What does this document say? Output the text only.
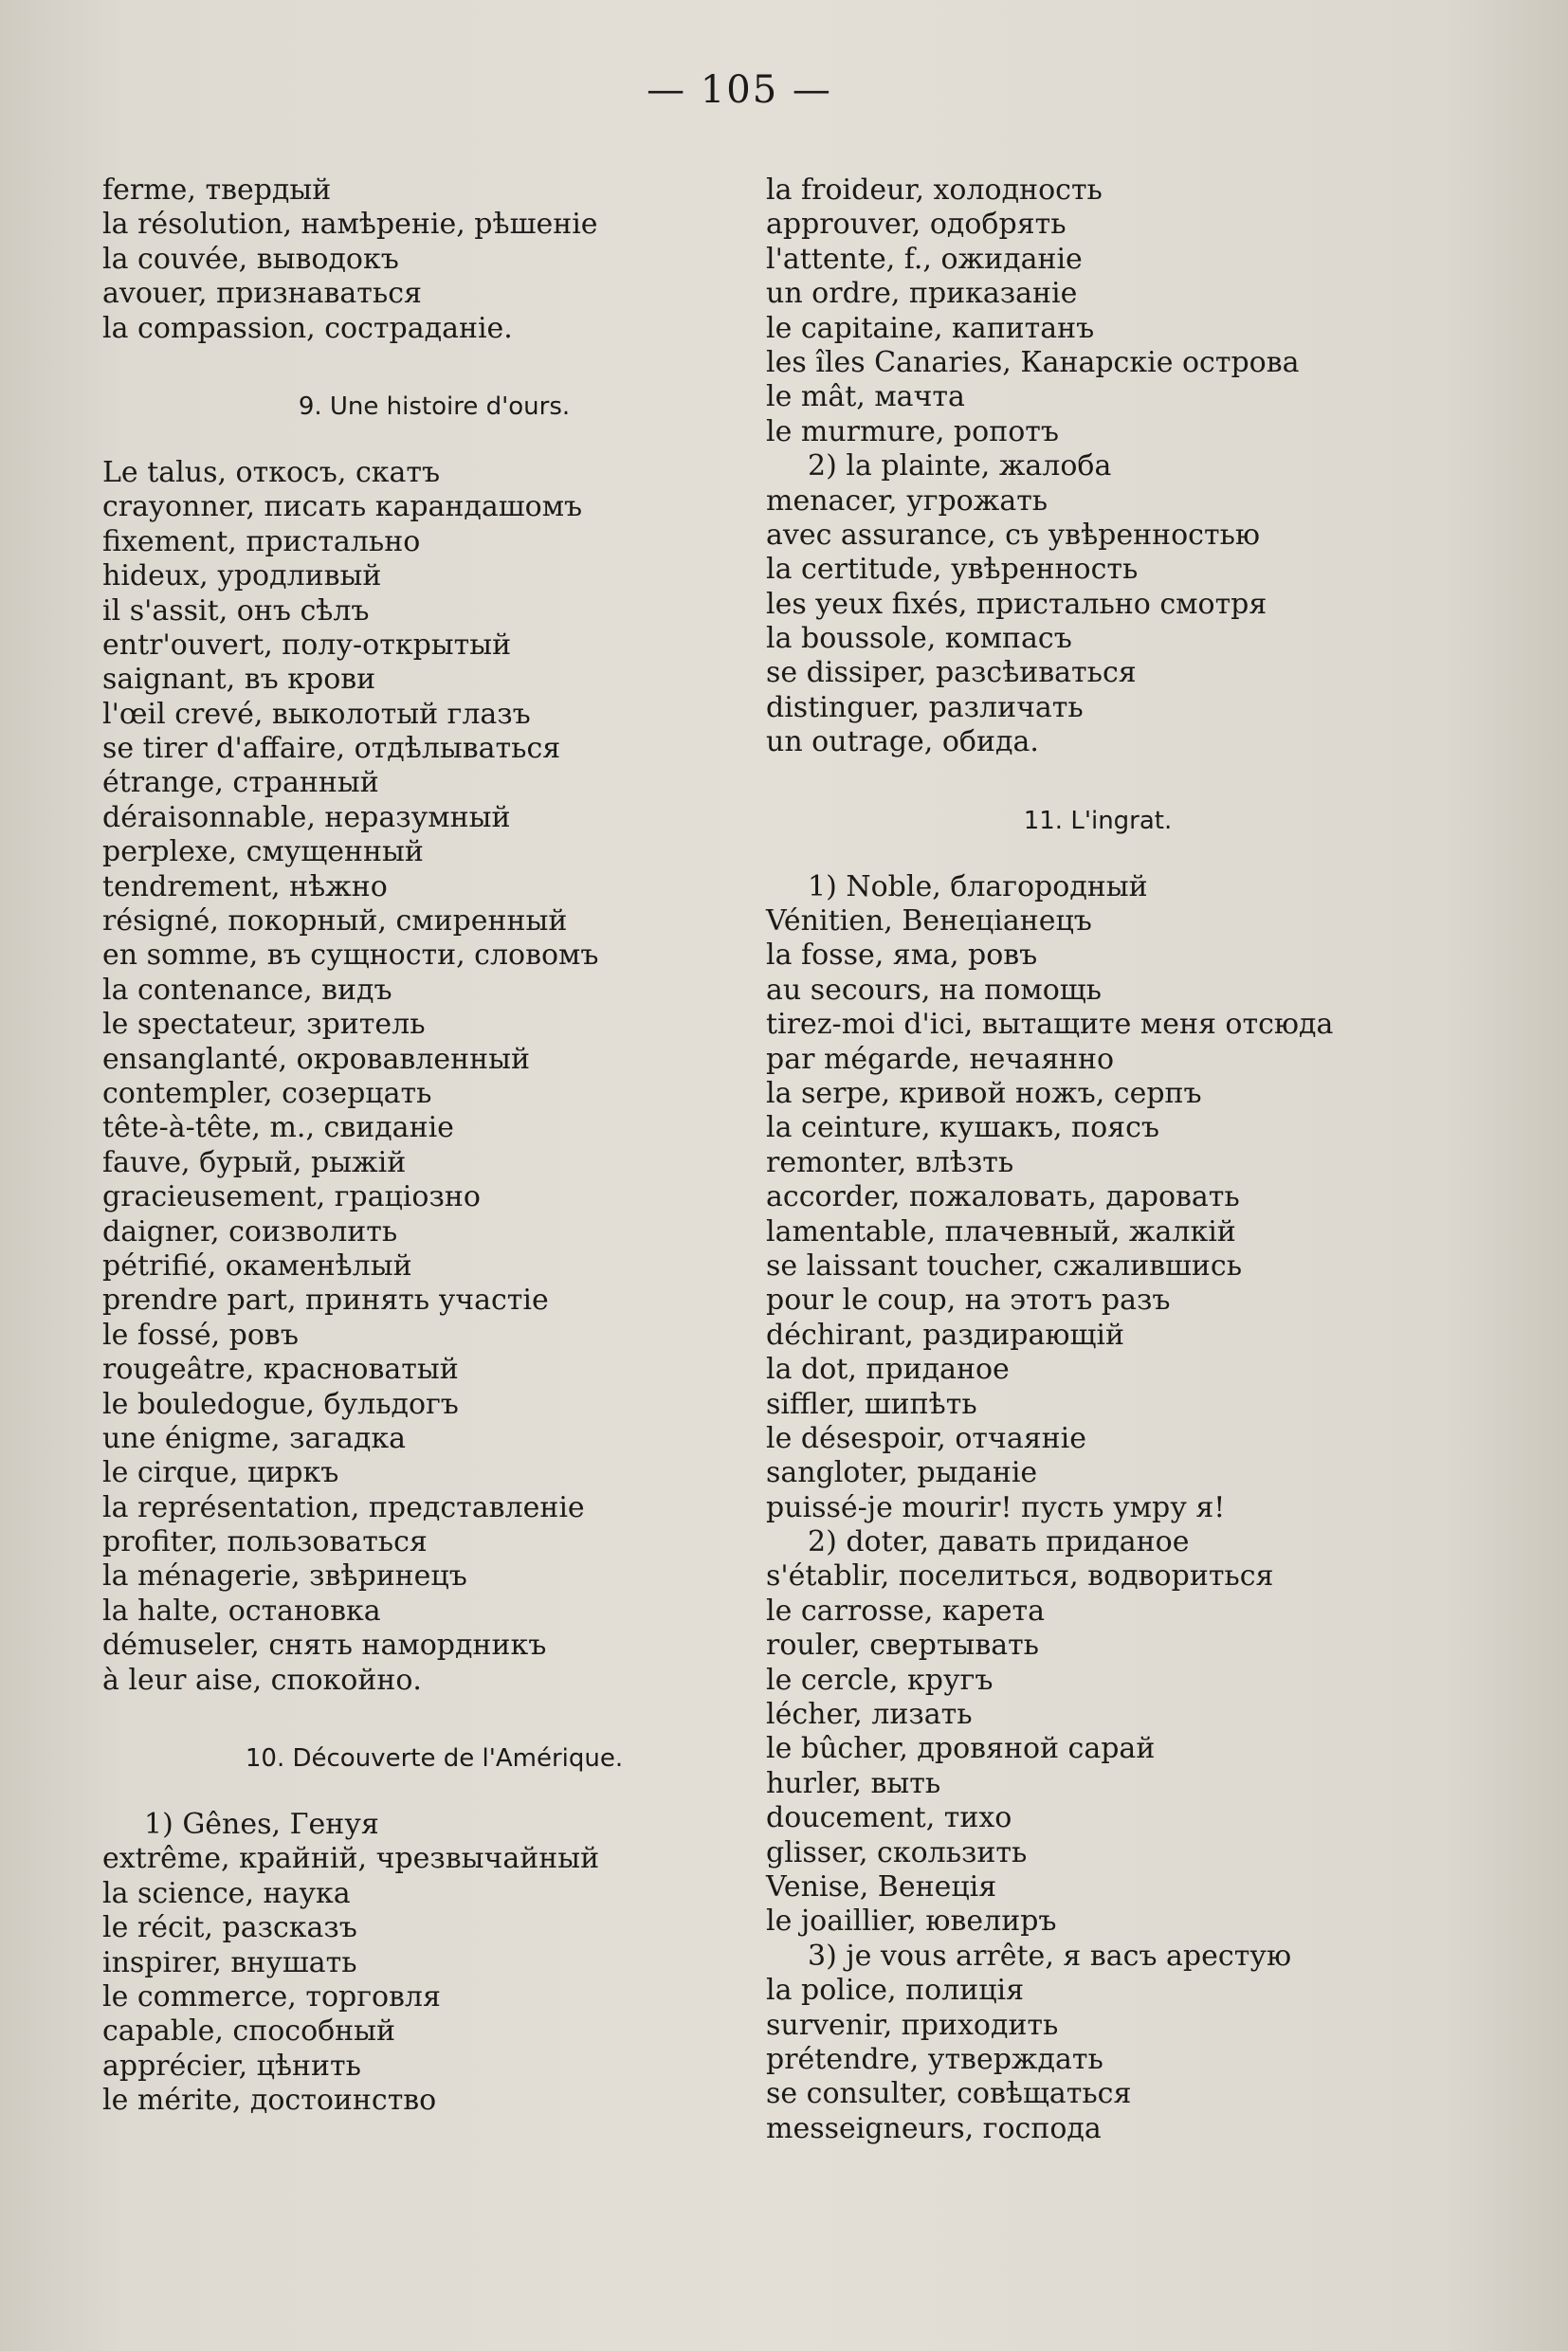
— 105 —
ferme, твердый
la résolution, намѣреніе, рѣшеніе
la couvée, выводокъ
avouer, признаваться
la compassion, состраданіе.
9. Une histoire d'ours.
Le talus, откосъ, скатъ
crayonner, писать карандашомъ
fixement, пристально
hideux, уродливый
il s'assit, онъ сѣлъ
entr'ouvert, полу-открытый
saignant, въ крови
l'œil crevé, выколотый глазъ
se tirer d'affaire, отдѣлываться
étrange, странный
déraisonnable, неразумный
perplexe, смущенный
tendrement, нѣжно
résigné, покорный, смиренный
en somme, въ сущности, словомъ
la contenance, видъ
le spectateur, зритель
ensanglanté, окровавленный
contempler, созерцать
tête-à-tête, m., свиданіе
fauve, бурый, рыжій
gracieusement, граціозно
daigner, соизволить
pétrifié, окаменѣлый
prendre part, принять участіе
le fossé, ровъ
rougeâtre, красноватый
le bouledogue, бульдогъ
une énigme, загадка
le cirque, циркъ
la représentation, представленіе
profiter, пользоваться
la ménagerie, звѣринецъ
la halte, остановка
démuseler, снять намордникъ
à leur aise, спокойно.
10. Découverte de l'Amérique.
1) Gênes, Генуя
extrême, крайній, чрезвычайный
la science, наука
le récit, разсказъ
inspirer, внушать
le commerce, торговля
capable, способный
apprécier, цѣнить
le mérite, достоинство
la froideur, холодность
approuver, одобрять
l'attente, f., ожиданіе
un ordre, приказаніе
le capitaine, капитанъ
les îles Canaries, Канарскіе острова
le mât, мачта
le murmure, ропотъ
2) la plainte, жалоба
menacer, угрожать
avec assurance, съ увѣренностью
la certitude, увѣренность
les yeux fixés, пристально смотря
la boussole, компасъ
se dissiper, разсѣиваться
distinguer, различать
un outrage, обида.
11. L'ingrat.
1) Noble, благородный
Vénitien, Венеціанецъ
la fosse, яма, ровъ
au secours, на помощь
tirez-moi d'ici, вытащите меня отсюда
par mégarde, нечаянно
la serpe, кривой ножъ, серпъ
la ceinture, кушакъ, поясъ
remonter, влѣзть
accorder, пожаловать, даровать
lamentable, плачевный, жалкій
se laissant toucher, сжалившись
pour le coup, на этотъ разъ
déchirant, раздирающій
la dot, приданое
siffler, шипѣть
le désespoir, отчаяніе
sangloter, рыданіе
puissé-je mourir! пусть умру я!
2) doter, давать приданое
s'établir, поселиться, водвориться
le carrosse, карета
rouler, свертывать
le cercle, кругъ
lécher, лизать
le bûcher, дровяной сарай
hurler, выть
doucement, тихо
glisser, скользить
Venise, Венеція
le joaillier, ювелиръ
3) je vous arrête, я васъ арестую
la police, полиція
survenir, приходить
prétendre, утверждать
se consulter, совѣщаться
messeigneurs, господа
